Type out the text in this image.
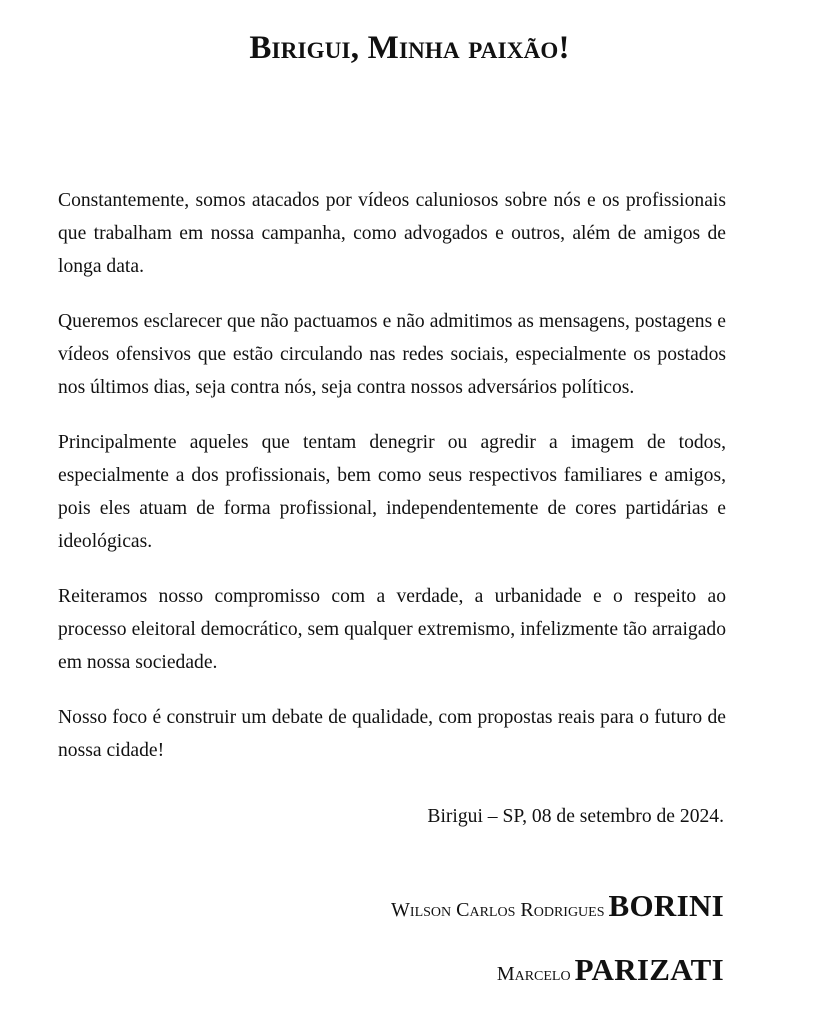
Birigui, Minha paixão!

Constantemente, somos atacados por vídeos caluniosos sobre nós e os profissionais que trabalham em nossa campanha, como advogados e outros, além de amigos de longa data.

Queremos esclarecer que não pactuamos e não admitimos as mensagens, postagens e vídeos ofensivos que estão circulando nas redes sociais, especialmente os postados nos últimos dias, seja contra nós, seja contra nossos adversários políticos.

Principalmente aqueles que tentam denegrir ou agredir a imagem de todos, especialmente a dos profissionais, bem como seus respectivos familiares e amigos, pois eles atuam de forma profissional, independentemente de cores partidárias e ideológicas.

Reiteramos nosso compromisso com a verdade, a urbanidade e o respeito ao processo eleitoral democrático, sem qualquer extremismo, infelizmente tão arraigado em nossa sociedade.

Nosso foco é construir um debate de qualidade, com propostas reais para o futuro de nossa cidade!

Birigui – SP, 08 de setembro de 2024.

Wilson Carlos Rodrigues BORINI
Marcelo PARIZATI
